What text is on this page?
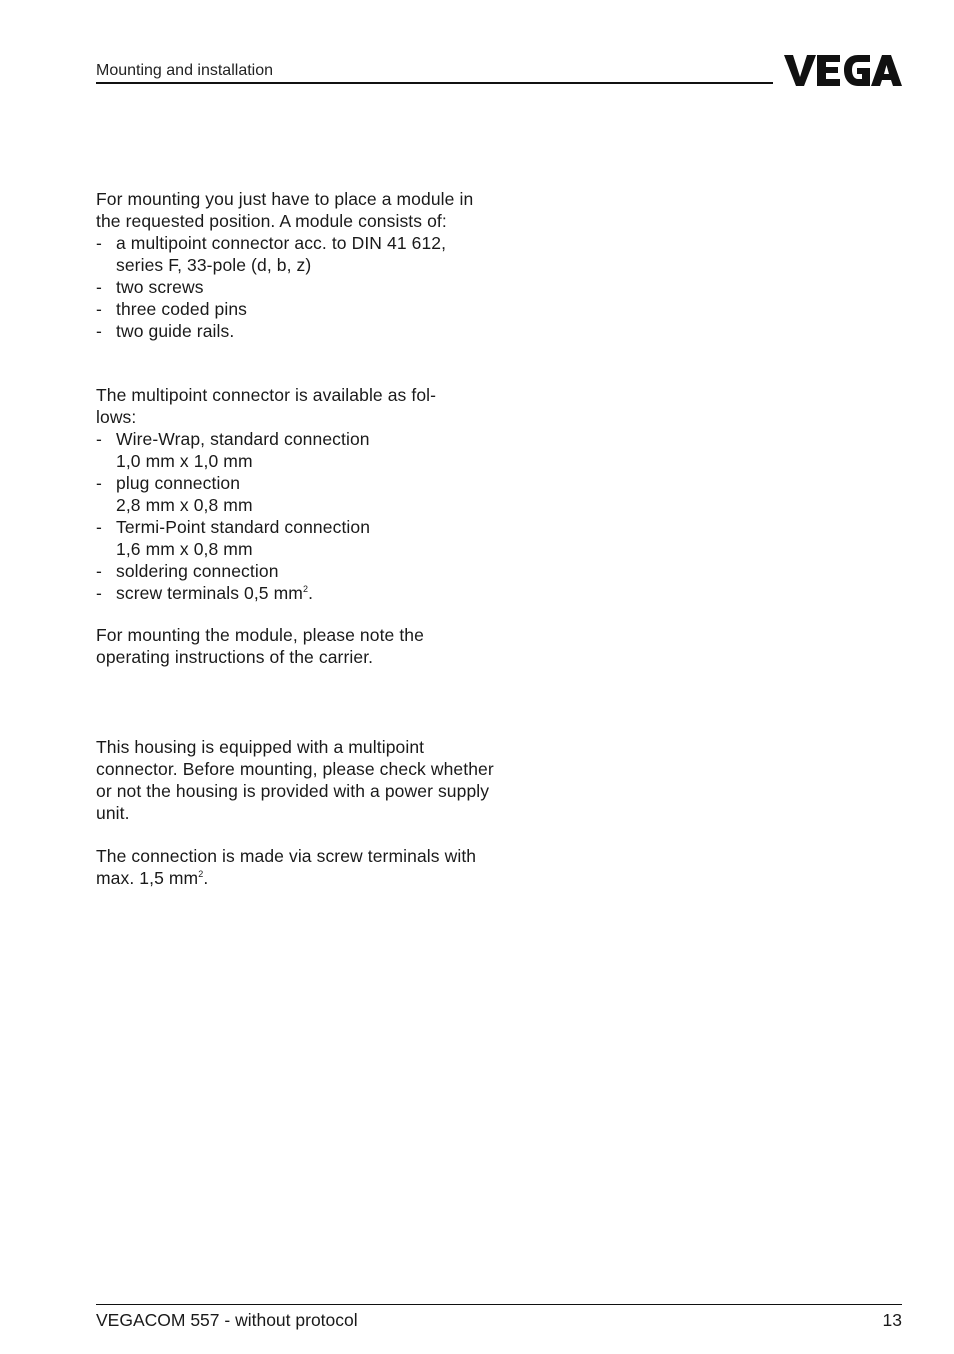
Mounting and installation

For mounting you just have to place a module in the requested position. A module consists of:

- a multipoint connector acc. to DIN 41 612,
series F, 33-pole (d, b, z)
- two screws
- three coded pins
- two guide rails.

The multipoint connector is available as fol-
lows:

- Wire-Wrap, standard connection
1,0 mm x 1,0 mm
- plug connection
2,8 mm x 0,8 mm
- Termi-Point standard connection
1,6 mm x 0,8 mm
- soldering connection
- screw terminals 0,5 $mm^2$.

For mounting the module, please note the operating instructions of the carrier.

This housing is equipped with a multipoint connector. Before mounting, please check whether or not the housing is provided with a power supply unit.

The connection is made via screw terminals with max. 1,5 $mm^2$.

VEGACOM 557 - without protocol	13
